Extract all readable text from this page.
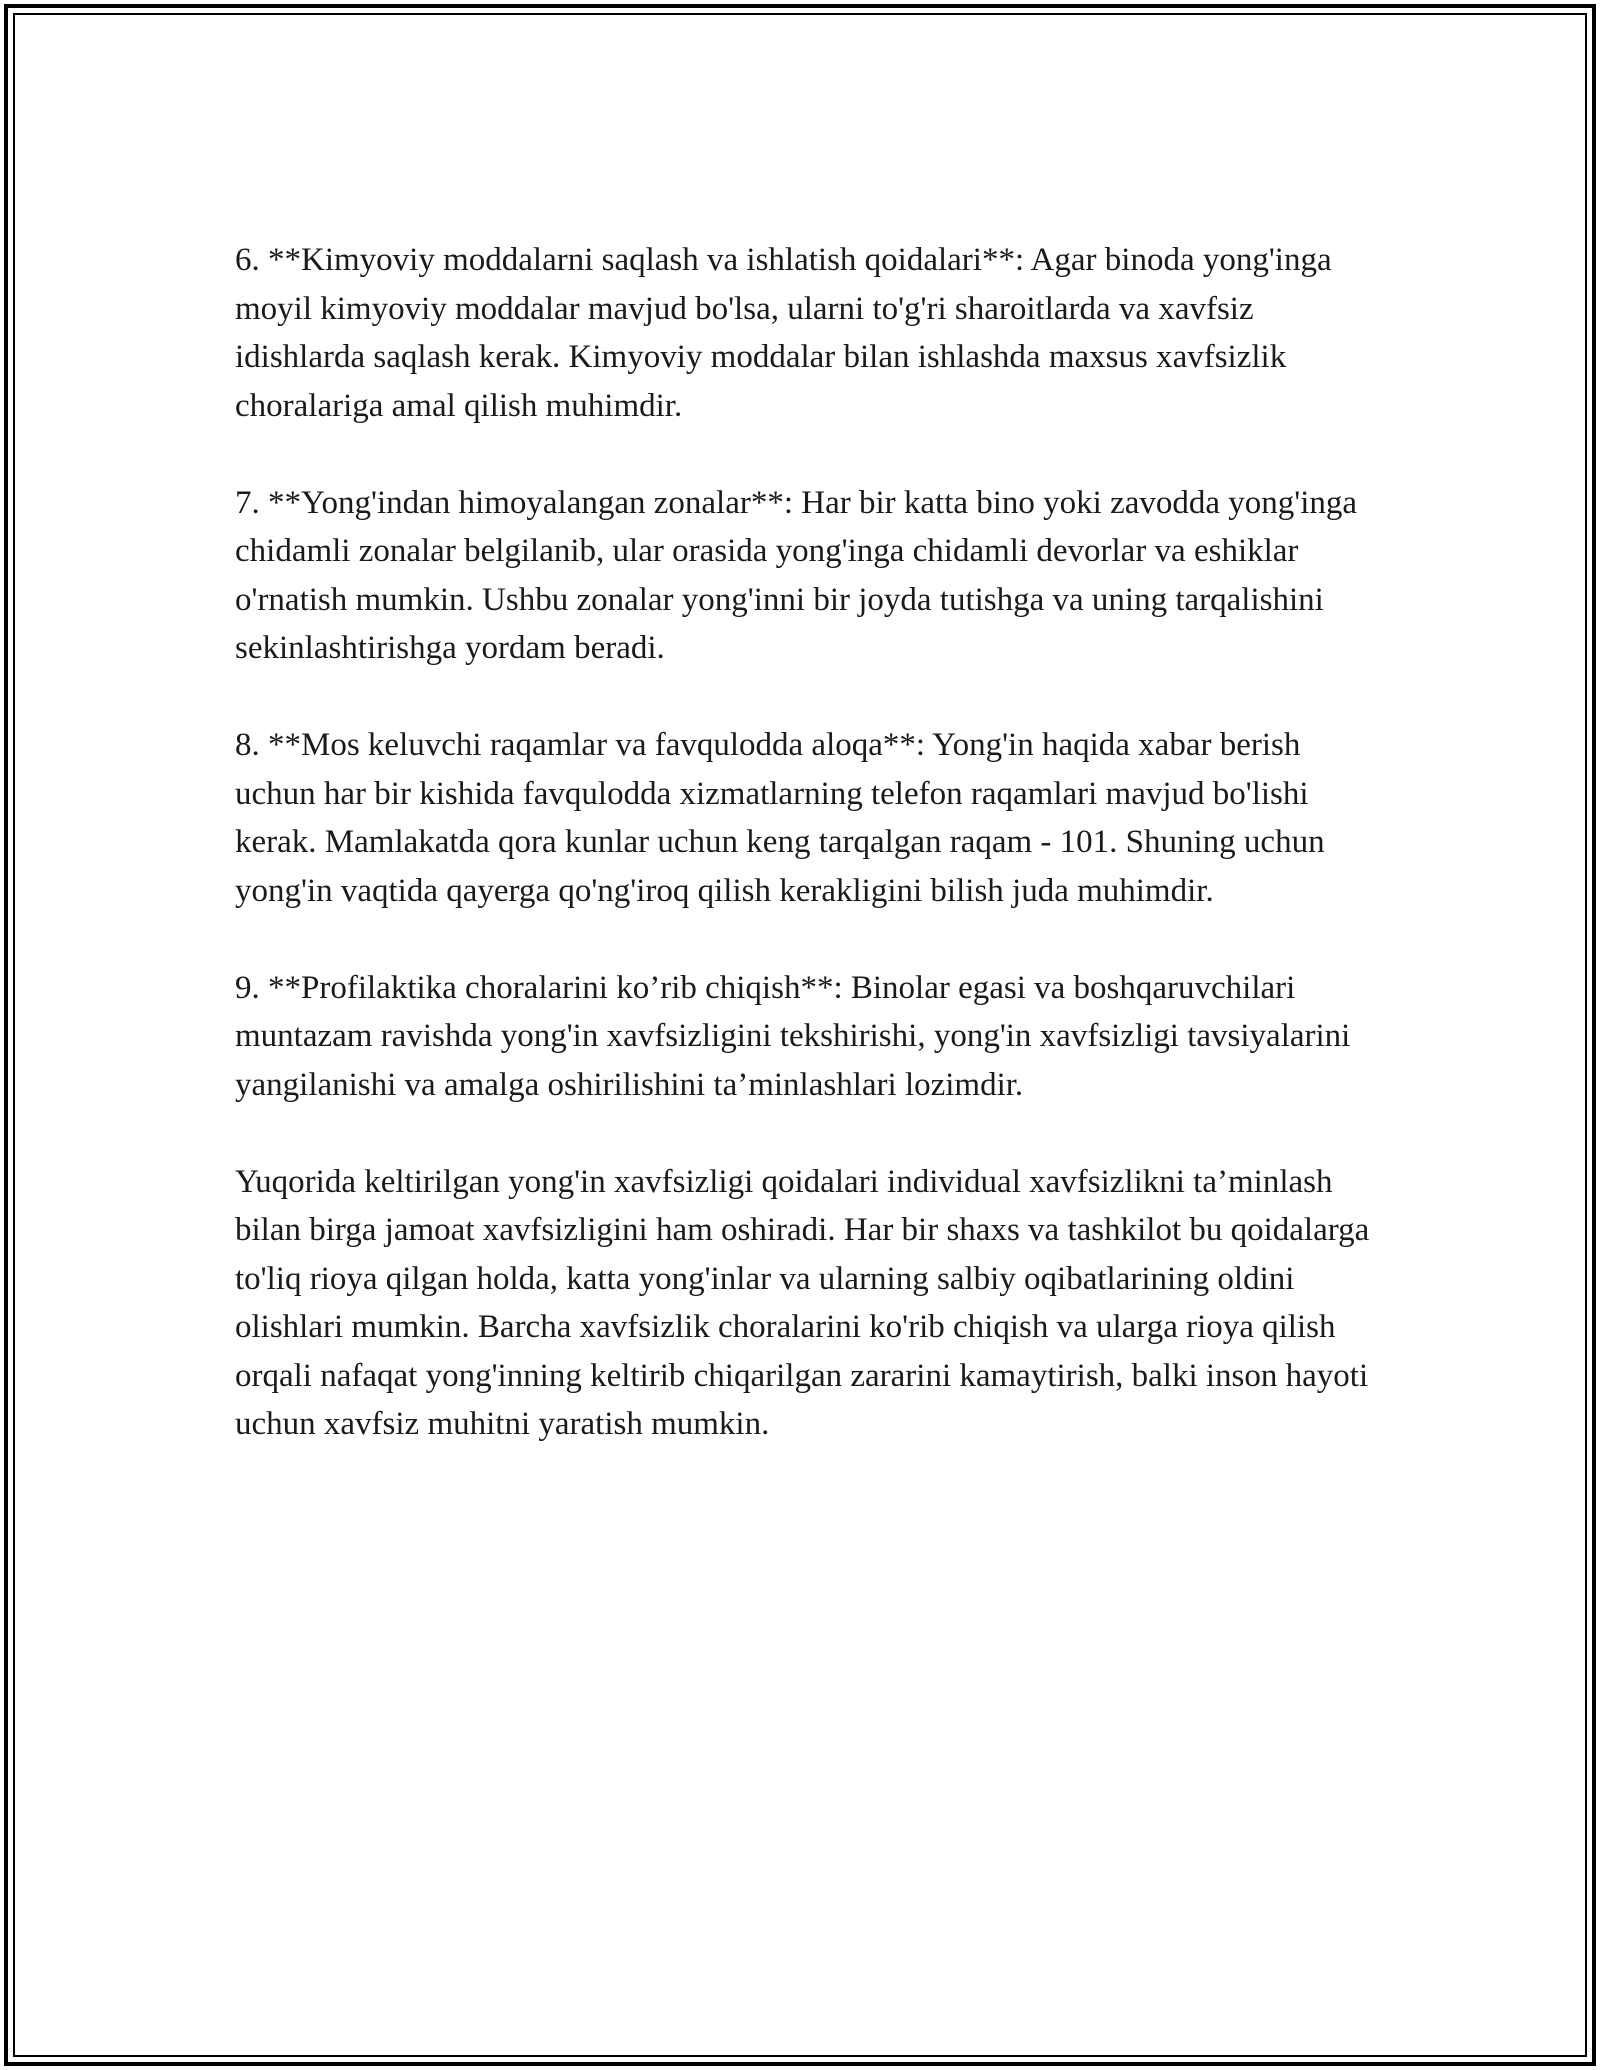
6. **Kimyoviy moddalarni saqlash va ishlatish qoidalari**: Agar binoda yong'inga moyil kimyoviy moddalar mavjud bo'lsa, ularni to'g'ri sharoitlarda va xavfsiz idishlarda saqlash kerak. Kimyoviy moddalar bilan ishlashda maxsus xavfsizlik choralariga amal qilish muhimdir.

7. **Yong'indan himoyalangan zonalar**: Har bir katta bino yoki zavodda yong'inga chidamli zonalar belgilanib, ular orasida yong'inga chidamli devorlar va eshiklar o'rnatish mumkin. Ushbu zonalar yong'inni bir joyda tutishga va uning tarqalishini sekinlashtirishga yordam beradi.

8. **Mos keluvchi raqamlar va favqulodda aloqa**: Yong'in haqida xabar berish uchun har bir kishida favqulodda xizmatlarning telefon raqamlari mavjud bo'lishi kerak. Mamlakatda qora kunlar uchun keng tarqalgan raqam - 101. Shuning uchun yong'in vaqtida qayerga qo'ng'iroq qilish kerakligini bilish juda muhimdir.

9. **Profilaktika choralarini ko’rib chiqish**: Binolar egasi va boshqaruvchilari muntazam ravishda yong'in xavfsizligini tekshirishi, yong'in xavfsizligi tavsiyalarini yangilanishi va amalga oshirilishini ta’minlashlari lozimdir.

Yuqorida keltirilgan yong'in xavfsizligi qoidalari individual xavfsizlikni ta’minlash bilan birga jamoat xavfsizligini ham oshiradi. Har bir shaxs va tashkilot bu qoidalarga to'liq rioya qilgan holda, katta yong'inlar va ularning salbiy oqibatlarining oldini olishlari mumkin. Barcha xavfsizlik choralarini ko'rib chiqish va ularga rioya qilish orqali nafaqat yong'inning keltirib chiqarilgan zararini kamaytirish, balki inson hayoti uchun xavfsiz muhitni yaratish mumkin.
